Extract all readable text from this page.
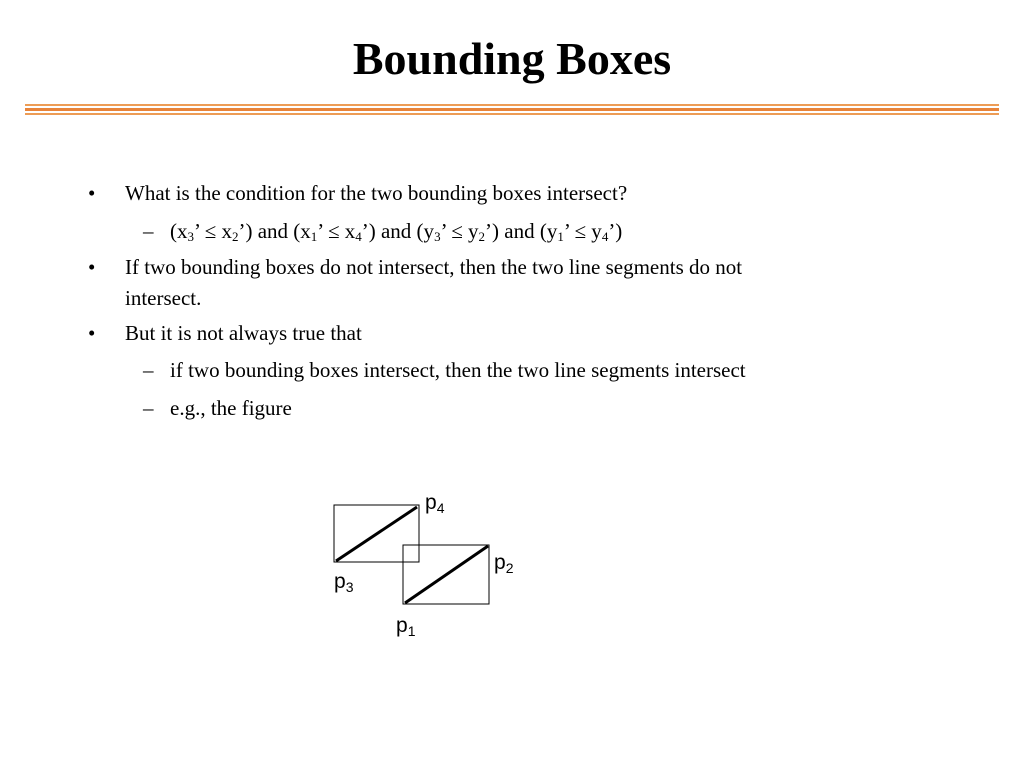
Bounding Boxes
• What is the condition for the two bounding boxes intersect?
– ($x_3$’ ≤ $x_2$’) and ($x_1$’ ≤ $x_4$’) and ($y_3$’ ≤ $y_2$’) and ($y_1$’ ≤ $y_4$’)
• If two bounding boxes do not intersect, then the two line segments do not
intersect.
• But it is not always true that
– if two bounding boxes intersect, then the two line segments intersect
– e.g., the figure
$p_4$
$p_2$
$p_3$
$p_1$
